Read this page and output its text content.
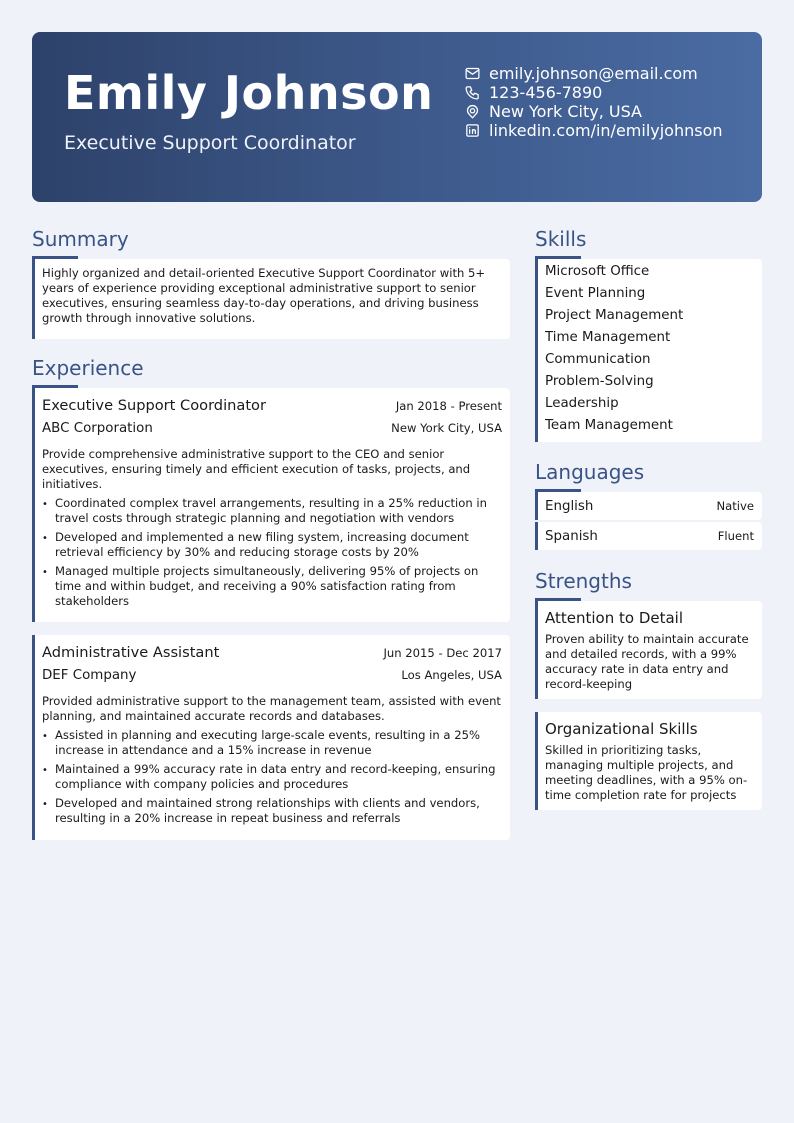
Emily Johnson
Executive Support Coordinator
emily.johnson@email.com
123-456-7890
New York City, USA
linkedin.com/in/emilyjohnson
Summary
Highly organized and detail-oriented Executive Support Coordinator with 5+ years of experience providing exceptional administrative support to senior executives, ensuring seamless day-to-day operations, and driving business growth through innovative solutions.
Experience
Executive Support Coordinator	Jan 2018 - Present
ABC Corporation	New York City, USA
Provide comprehensive administrative support to the CEO and senior executives, ensuring timely and efficient execution of tasks, projects, and initiatives.
• Coordinated complex travel arrangements, resulting in a 25% reduction in travel costs through strategic planning and negotiation with vendors
• Developed and implemented a new filing system, increasing document retrieval efficiency by 30% and reducing storage costs by 20%
• Managed multiple projects simultaneously, delivering 95% of projects on time and within budget, and receiving a 90% satisfaction rating from stakeholders
Administrative Assistant	Jun 2015 - Dec 2017
DEF Company	Los Angeles, USA
Provided administrative support to the management team, assisted with event planning, and maintained accurate records and databases.
• Assisted in planning and executing large-scale events, resulting in a 25% increase in attendance and a 15% increase in revenue
• Maintained a 99% accuracy rate in data entry and record-keeping, ensuring compliance with company policies and procedures
• Developed and maintained strong relationships with clients and vendors, resulting in a 20% increase in repeat business and referrals
Skills
Microsoft Office
Event Planning
Project Management
Time Management
Communication
Problem-Solving
Leadership
Team Management
Languages
English	Native
Spanish	Fluent
Strengths
Attention to Detail
Proven ability to maintain accurate and detailed records, with a 99% accuracy rate in data entry and record-keeping
Organizational Skills
Skilled in prioritizing tasks, managing multiple projects, and meeting deadlines, with a 95% on-time completion rate for projects
